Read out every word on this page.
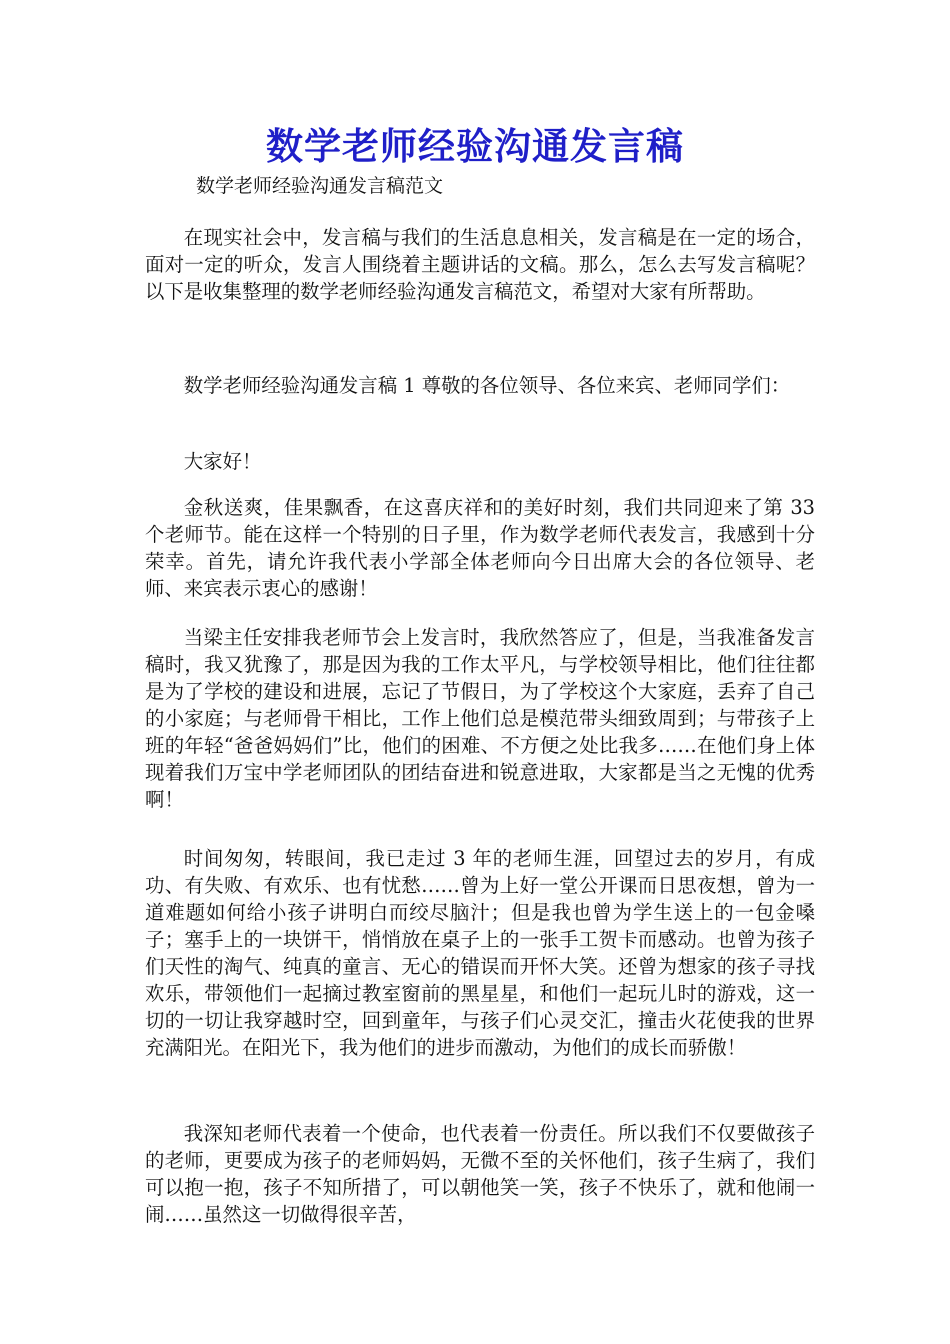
数学老师经验沟通发言稿
数学老师经验沟通发言稿范文

在现实社会中，发言稿与我们的生活息息相关，发言稿是在一定的场合，面对一定的听众，发言人围绕着主题讲话的文稿。那么，怎么去写发言稿呢？以下是收集整理的数学老师经验沟通发言稿范文，希望对大家有所帮助。

数学老师经验沟通发言稿 1 尊敬的各位领导、各位来宾、老师同学们：

大家好！

金秋送爽，佳果飘香，在这喜庆祥和的美好时刻，我们共同迎来了第 33 个老师节。能在这样一个特别的日子里，作为数学老师代表发言，我感到十分荣幸。首先，请允许我代表小学部全体老师向今日出席大会的各位领导、老师、来宾表示衷心的感谢！

当梁主任安排我老师节会上发言时，我欣然答应了，但是，当我准备发言稿时，我又犹豫了，那是因为我的工作太平凡，与学校领导相比，他们往往都是为了学校的建设和进展，忘记了节假日，为了学校这个大家庭，丢弃了自己的小家庭；与老师骨干相比，工作上他们总是模范带头细致周到；与带孩子上班的年轻“爸爸妈妈们”比，他们的困难、不方便之处比我多……在他们身上体现着我们万宝中学老师团队的团结奋进和锐意进取，大家都是当之无愧的优秀啊！

时间匆匆，转眼间，我已走过 3 年的老师生涯，回望过去的岁月，有成功、有失败、有欢乐、也有忧愁……曾为上好一堂公开课而日思夜想，曾为一道难题如何给小孩子讲明白而绞尽脑汁；但是我也曾为学生送上的一包金嗓子；塞手上的一块饼干，悄悄放在桌子上的一张手工贺卡而感动。也曾为孩子们天性的淘气、纯真的童言、无心的错误而开怀大笑。还曾为想家的孩子寻找欢乐，带领他们一起摘过教室窗前的黑星星，和他们一起玩儿时的游戏，这一切的一切让我穿越时空，回到童年，与孩子们心灵交汇，撞击火花使我的世界充满阳光。在阳光下，我为他们的进步而激动，为他们的成长而骄傲！

我深知老师代表着一个使命，也代表着一份责任。所以我们不仅要做孩子的老师，更要成为孩子的老师妈妈，无微不至的关怀他们，孩子生病了，我们可以抱一抱，孩子不知所措了，可以朝他笑一笑，孩子不快乐了，就和他闹一闹……虽然这一切做得很辛苦，
